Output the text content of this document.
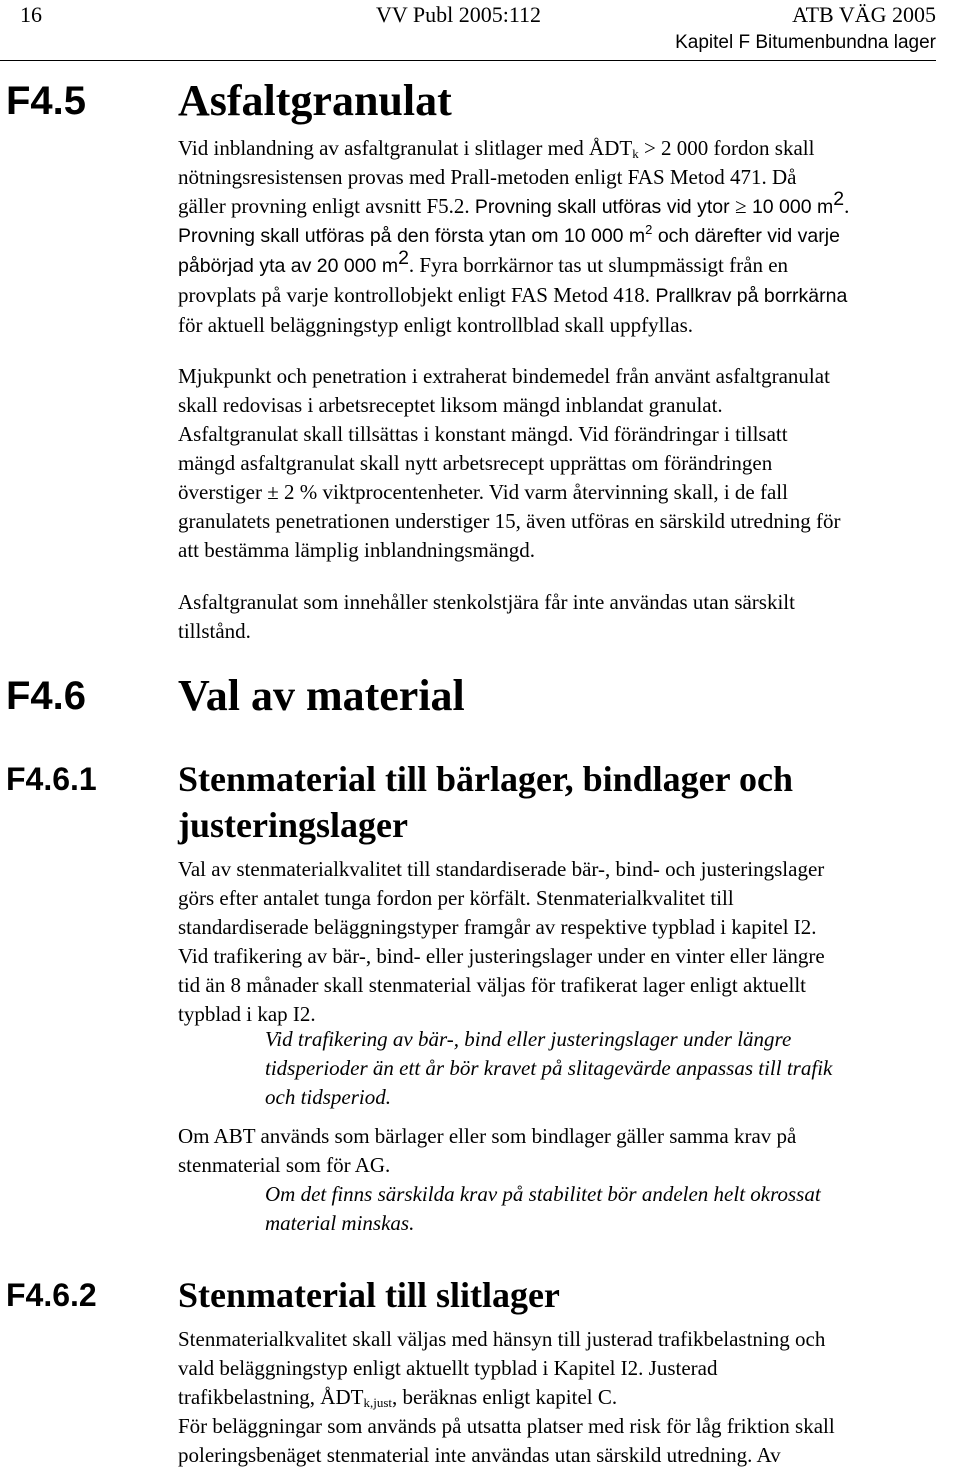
16	VV Publ 2005:112	ATB VÄG 2005
Kapitel F Bitumenbundna lager
F4.5 Asfaltgranulat
Vid inblandning av asfaltgranulat i slitlager med $ÅDT_k > 2$ 000 fordon skall
nötningsresistensen provas med Prall-metoden enligt FAS Metod 471. Då
gäller provning enligt avsnitt F5.2. Provning skall utföras vid ytor ≥ 10 000 $m^2$.
Provning skall utföras på den första ytan om 10 000 $m^2$ och därefter vid varje
påbörjad yta av 20 000 $m^2$. Fyra borrkärnor tas ut slumpmässigt från en
provplats på varje kontrollobjekt enligt FAS Metod 418. Prallkrav på borrkärna
för aktuell beläggningstyp enligt kontrollblad skall uppfyllas.
Mjukpunkt och penetration i extraherat bindemedel från använt asfaltgranulat
skall redovisas i arbetsreceptet liksom mängd inblandat granulat.
Asfaltgranulat skall tillsättas i konstant mängd. Vid förändringar i tillsatt
mängd asfaltgranulat skall nytt arbetsrecept upprättas om förändringen
överstiger ± 2 % viktprocentenheter. Vid varm återvinning skall, i de fall
granulatets penetrationen understiger 15, även utföras en särskild utredning för
att bestämma lämplig inblandningsmängd.
Asfaltgranulat som innehåller stenkolstjära får inte användas utan särskilt
tillstånd.
F4.6 Val av material
F4.6.1 Stenmaterial till bärlager, bindlager och
justeringslager
Val av stenmaterialkvalitet till standardiserade bär-, bind- och justeringslager
görs efter antalet tunga fordon per körfält. Stenmaterialkvalitet till
standardiserade beläggningstyper framgår av respektive typblad i kapitel I2.
Vid trafikering av bär-, bind- eller justeringslager under en vinter eller längre
tid än 8 månader skall stenmaterial väljas för trafikerat lager enligt aktuellt
typblad i kap I2.
Vid trafikering av bär-, bind eller justeringslager under längre
tidsperioder än ett år bör kravet på slitagevärde anpassas till trafik
och tidsperiod.
Om ABT används som bärlager eller som bindlager gäller samma krav på
stenmaterial som för AG.
Om det finns särskilda krav på stabilitet bör andelen helt okrossat
material minskas.
F4.6.2 Stenmaterial till slitlager
Stenmaterialkvalitet skall väljas med hänsyn till justerad trafikbelastning och
vald beläggningstyp enligt aktuellt typblad i Kapitel I2. Justerad
trafikbelastning, $ÅDT_{k,just}$, beräknas enligt kapitel C.
För beläggningar som används på utsatta platser med risk för låg friktion skall
poleringsbenäget stenmaterial inte användas utan särskild utredning. Av
